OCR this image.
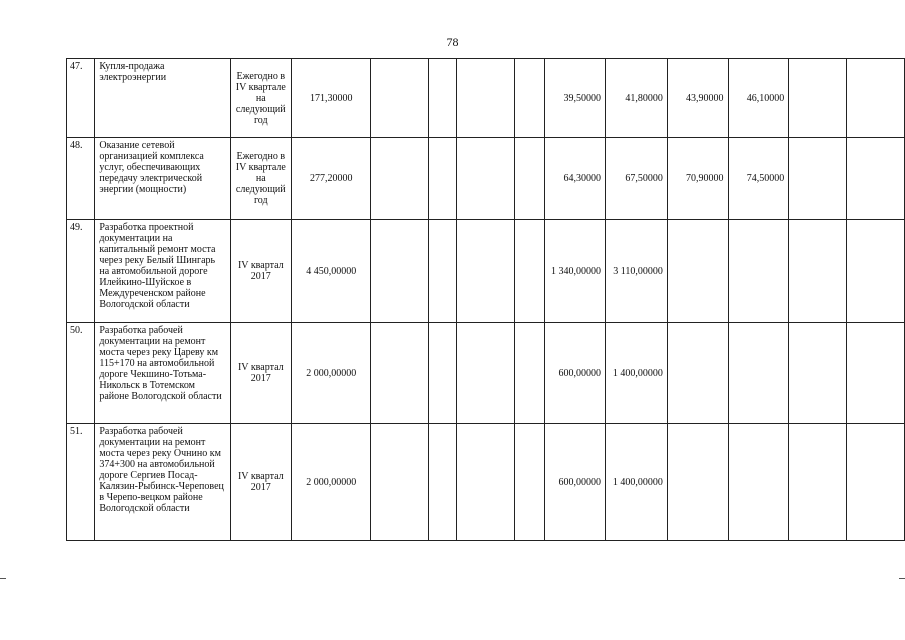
78
47.	Купля-продажа электроэнергии	Ежегодно в IV квартале на следующий год	171,30000					39,50000	41,80000	43,90000	46,10000		
48.	Оказание сетевой организацией комплекса услуг, обеспечивающих передачу электрической энергии (мощности)	Ежегодно в IV квартале на следующий год	277,20000					64,30000	67,50000	70,90000	74,50000		
49.	Разработка проектной документации на капитальный ремонт моста через реку Белый Шингарь на автомобильной дороге Илейкино-Шуйское в Междуреченском районе Вологодской области	IV квартал 2017	4 450,00000					1 340,00000	3 110,00000				
50.	Разработка рабочей документации на ремонт моста через реку Цареву км 115+170 на автомобильной дороге Чекшино-Тотьма-Никольск в Тотемском районе Вологодской области	IV квартал 2017	2 000,00000					600,00000	1 400,00000				
51.	Разработка рабочей документации на ремонт моста через реку Очнино км 374+300 на автомобильной дороге Сергиев Посад-Калязин-Рыбинск-Череповец в Черепо-вецком районе Вологодской области	IV квартал 2017	2 000,00000					600,00000	1 400,00000				
